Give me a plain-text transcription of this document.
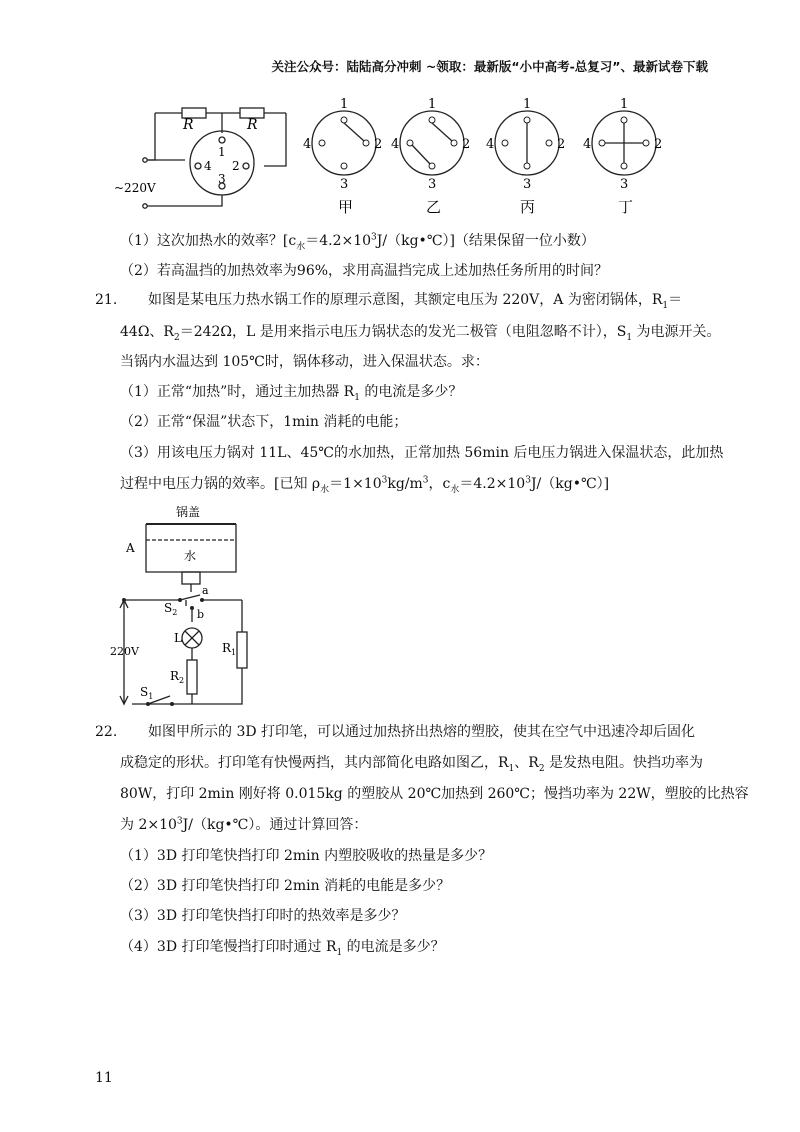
关注公众号：陆陆高分冲刺 ~领取：最新版“小中高考-总复习”、最新试卷下载
R	R
1
2
3
4
~220V
1
2
3
4
甲
1
2
3
4
乙
1
2
3
4
丙
1
2
3
4
丁
（1）这次加热水的效率？$[c_水=4.2\times 10^3J/(kg•℃)]$（结果保留一位小数）
（2）若高温挡的加热效率为96%，求用高温挡完成上述加热任务所用的时间？
21. 如图是某电压力热水锅工作的原理示意图，其额定电压为 220V，A 为密闭锅体，$R_1=$
44Ω、$R_2=242\Omega$，L 是用来指示电压力锅状态的发光二极管（电阻忽略不计），$S_1$ 为电源开关。
当锅内水温达到 105℃时，锅体移动，进入保温状态。求：
（1）正常“加热”时，通过主加热器 $R_1$ 的电流是多少？
（2）正常“保温”状态下，1min 消耗的电能；
（3）用该电压力锅对 11L、45℃的水加热，正常加热 56min 后电压力锅进入保温状态，此加热
过程中电压力锅的效率。[已知 $\rho_水=1\times 10^3kg/m^3$，$c_水=4.2\times 10^3J/(kg•℃)$]
锅盖
A
水
a
b
$S_2$
L
220V	$R_1$
$R_2$
$S_1$
22. 如图甲所示的 3D 打印笔，可以通过加热挤出热熔的塑胶，使其在空气中迅速冷却后固化
成稳定的形状。打印笔有快慢两挡，其内部简化电路如图乙，$R_1$、$R_2$ 是发热电阻。快挡功率为
80W，打印 2min 刚好将 0.015kg 的塑胶从 20℃加热到 260℃；慢挡功率为 22W，塑胶的比热容
为 $2\times 10^3J/(kg•℃)$。通过计算回答：
（1）3D 打印笔快挡打印 2min 内塑胶吸收的热量是多少？
（2）3D 打印笔快挡打印 2min 消耗的电能是多少？
（3）3D 打印笔快挡打印时的热效率是多少？
（4）3D 打印笔慢挡打印时通过 $R_1$ 的电流是多少？
11
